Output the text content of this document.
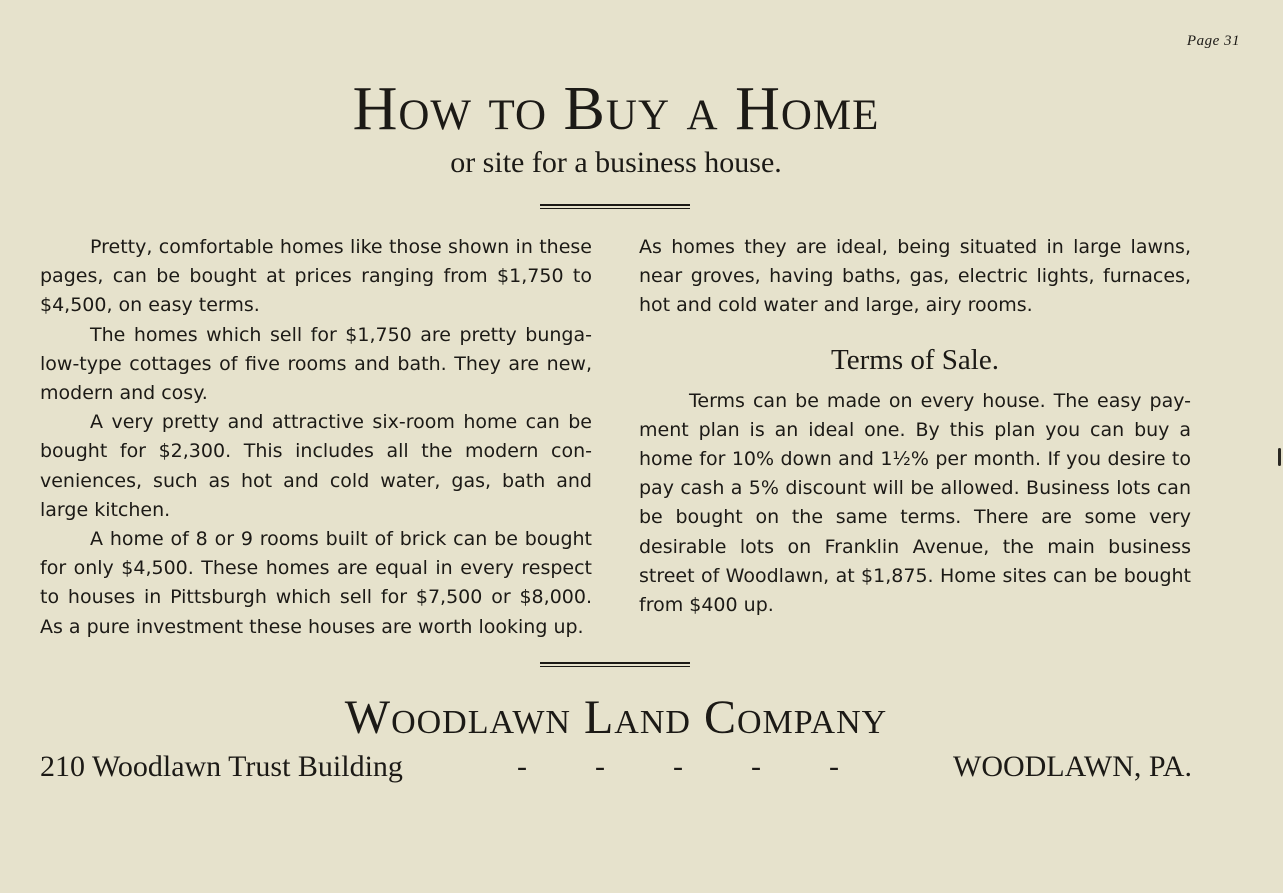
Page 31
How to Buy a Home
or site for a business house.

Pretty, comfortable homes like those shown in these pages, can be bought at prices ranging from $1,750 to $4,500, on easy terms.

The homes which sell for $1,750 are pretty bunga-low-type cottages of five rooms and bath. They are new, modern and cosy.

A very pretty and attractive six-room home can be bought for $2,300. This includes all the modern con-veniences, such as hot and cold water, gas, bath and large kitchen.

A home of 8 or 9 rooms built of brick can be bought for only $4,500. These homes are equal in every respect to houses in Pittsburgh which sell for $7,500 or $8,000. As a pure investment these houses are worth looking up.

As homes they are ideal, being situated in large lawns, near groves, having baths, gas, electric lights, furnaces, hot and cold water and large, airy rooms.

Terms of Sale.

Terms can be made on every house. The easy pay-ment plan is an ideal one. By this plan you can buy a home for 10% down and 1½% per month. If you desire to pay cash a 5% discount will be allowed. Business lots can be bought on the same terms. There are some very desirable lots on Franklin Avenue, the main business street of Woodlawn, at $1,875. Home sites can be bought from $400 up.

Woodlawn Land Company
210 Woodlawn Trust Building	- - - - -	WOODLAWN, PA.
